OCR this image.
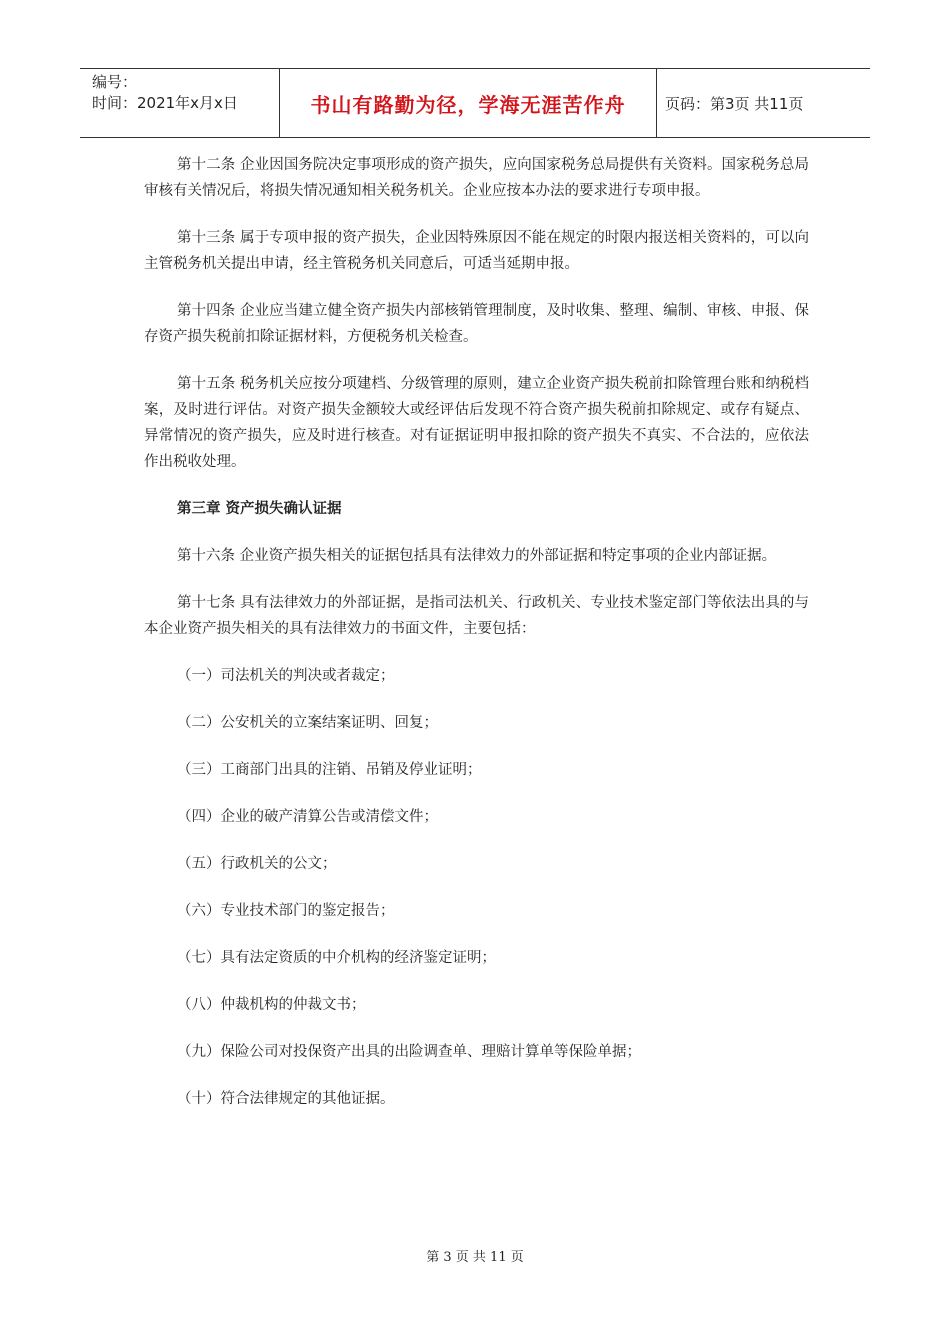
编号：
时间：2021年x月x日	书山有路勤为径，学海无涯苦作舟	页码：第3页 共11页

第十二条 企业因国务院决定事项形成的资产损失，应向国家税务总局提供有关资料。国家税务总局审核有关情况后，将损失情况通知相关税务机关。企业应按本办法的要求进行专项申报。

第十三条 属于专项申报的资产损失，企业因特殊原因不能在规定的时限内报送相关资料的，可以向主管税务机关提出申请，经主管税务机关同意后，可适当延期申报。

第十四条 企业应当建立健全资产损失内部核销管理制度，及时收集、整理、编制、审核、申报、保存资产损失税前扣除证据材料，方便税务机关检查。

第十五条 税务机关应按分项建档、分级管理的原则，建立企业资产损失税前扣除管理台账和纳税档案，及时进行评估。对资产损失金额较大或经评估后发现不符合资产损失税前扣除规定、或存有疑点、异常情况的资产损失，应及时进行核查。对有证据证明申报扣除的资产损失不真实、不合法的，应依法作出税收处理。

第三章 资产损失确认证据

第十六条 企业资产损失相关的证据包括具有法律效力的外部证据和特定事项的企业内部证据。

第十七条 具有法律效力的外部证据，是指司法机关、行政机关、专业技术鉴定部门等依法出具的与本企业资产损失相关的具有法律效力的书面文件，主要包括：

（一）司法机关的判决或者裁定；
（二）公安机关的立案结案证明、回复；
（三）工商部门出具的注销、吊销及停业证明；
（四）企业的破产清算公告或清偿文件；
（五）行政机关的公文；
（六）专业技术部门的鉴定报告；
（七）具有法定资质的中介机构的经济鉴定证明；
（八）仲裁机构的仲裁文书；
（九）保险公司对投保资产出具的出险调查单、理赔计算单等保险单据；
（十）符合法律规定的其他证据。
第 3 页 共 11 页
